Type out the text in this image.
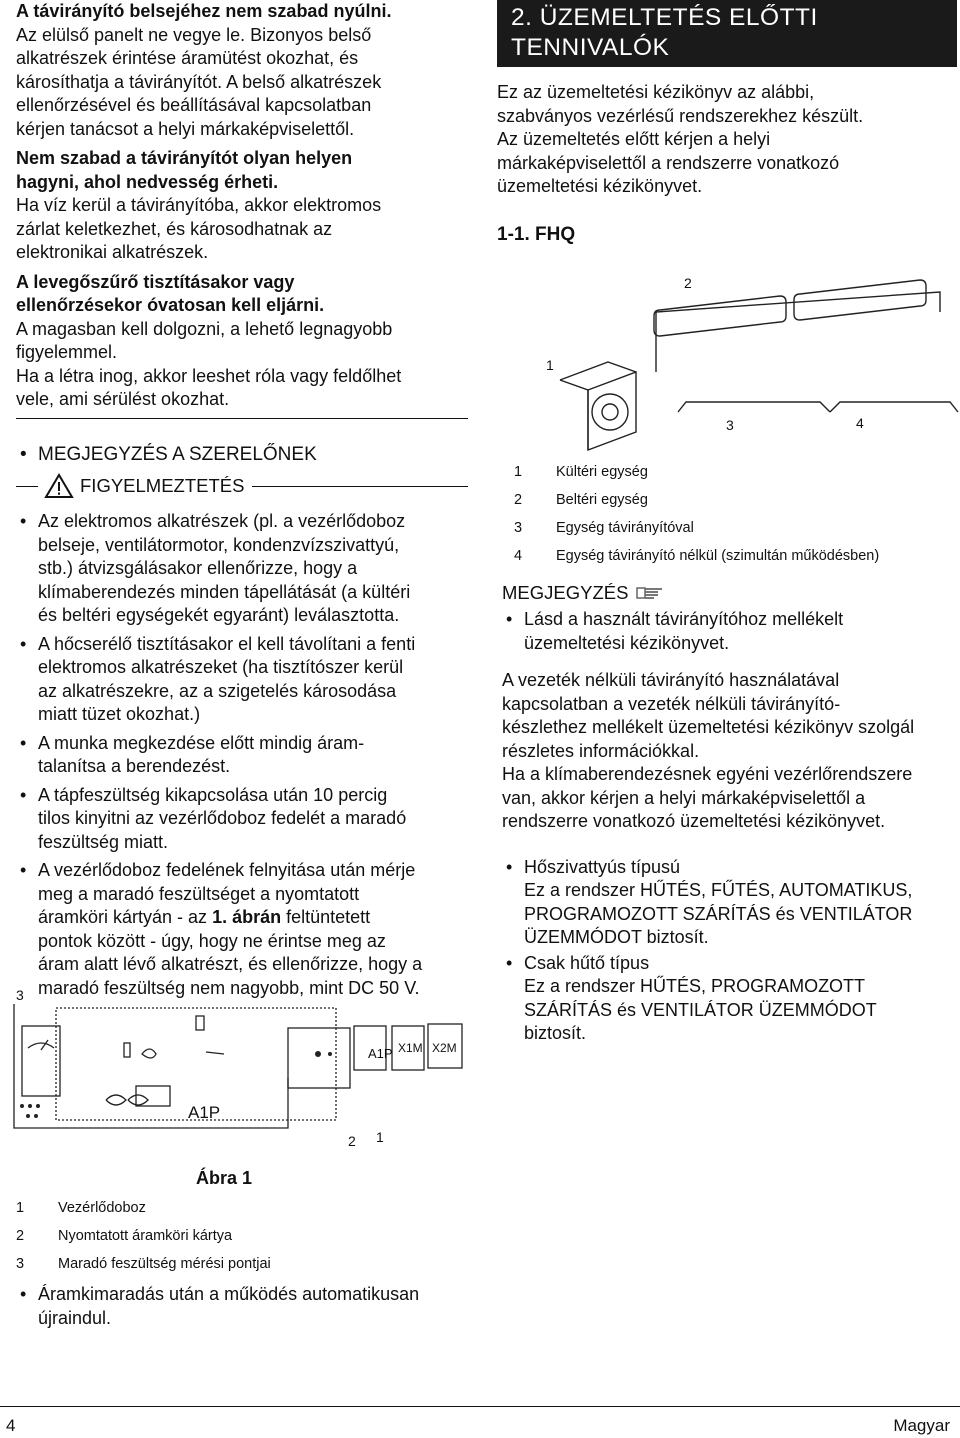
A távirányító belsejéhez nem szabad nyúlni.

Az elülső panelt ne vegye le. Bizonyos belső
alkatrészek érintése áramütést okozhat, és
károsíthatja a távirányítót. A belső alkatrészek
ellenőrzésével és beállításával kapcsolatban
kérjen tanácsot a helyi márkaképviselettől.

Nem szabad a távirányítót olyan helyen
hagyni, ahol nedvesség érheti.

Ha víz kerül a távirányítóba, akkor elektromos
zárlat keletkezhet, és károsodhatnak az
elektronikai alkatrészek.

A levegőszűrő tisztításakor vagy
ellenőrzésekor óvatosan kell eljárni.

A magasban kell dolgozni, a lehető legnagyobb
figyelemmel.
Ha a létra inog, akkor leeshet róla vagy feldőlhet
vele, ami sérülést okozhat.

• MEGJEGYZÉS A SZERELŐNEK

FIGYELMEZTETÉS

• Az elektromos alkatrészek (pl. a vezérlődoboz
belseje, ventilátormotor, kondenzvízszivattyú,
stb.) átvizsgálásakor ellenőrizze, hogy a
klímaberendezés minden tápellátását (a kültéri
és beltéri egységekét egyaránt) leválasztotta.

• A hőcserélő tisztításakor el kell távolítani a fenti
elektromos alkatrészeket (ha tisztítószer kerül
az alkatrészekre, az a szigetelés károsodása
miatt tüzet okozhat.)

• A munka megkezdése előtt mindig áram-
talanítsa a berendezést.

• A tápfeszültség kikapcsolása után 10 percig
tilos kinyitni az vezérlődoboz fedelét a maradó
feszültség miatt.

• A vezérlődoboz fedelének felnyitása után mérje
meg a maradó feszültséget a nyomtatott
áramköri kártyán - az 1. ábrán feltüntetett
pontok között - úgy, hogy ne érintse meg az
áram alatt lévő alkatrészt, és ellenőrizze, hogy a
maradó feszültség nem nagyobb, mint DC 50 V.

3
A1P X1M X2M
A1P
2 1
Ábra 1
1	Vezérlődoboz
2	Nyomtatott áramköri kártya
3	Maradó feszültség mérési pontjai

• Áramkimaradás után a működés automatikusan
újraindul.

2. ÜZEMELTETÉS ELŐTTI
TENNIVALÓK

Ez az üzemeltetési kézikönyv az alábbi,
szabványos vezérlésű rendszerekhez készült.
Az üzemeltetés előtt kérjen a helyi
márkaképviselettől a rendszerre vonatkozó
üzemeltetési kézikönyvet.

1-1. FHQ

2
1
3	4
1	Kültéri egység
2	Beltéri egység
3	Egység távirányítóval
4	Egység távirányító nélkül (szimultán működésben)
MEGJEGYZÉS

• Lásd a használt távirányítóhoz mellékelt
üzemeltetési kézikönyvet.

A vezeték nélküli távirányító használatával
kapcsolatban a vezeték nélküli távirányító-
készlethez mellékelt üzemeltetési kézikönyv szolgál
részletes információkkal.
Ha a klímaberendezésnek egyéni vezérlőrendszere
van, akkor kérjen a helyi márkaképviselettől a
rendszerre vonatkozó üzemeltetési kézikönyvet.

• Hőszivattyús típusú
Ez a rendszer HŰTÉS, FŰTÉS, AUTOMATIKUS,
PROGRAMOZOTT SZÁRÍTÁS és VENTILÁTOR
ÜZEMMÓDOT biztosít.

• Csak hűtő típus
Ez a rendszer HŰTÉS, PROGRAMOZOTT
SZÁRÍTÁS és VENTILÁTOR ÜZEMMÓDOT
biztosít.

4	Magyar
